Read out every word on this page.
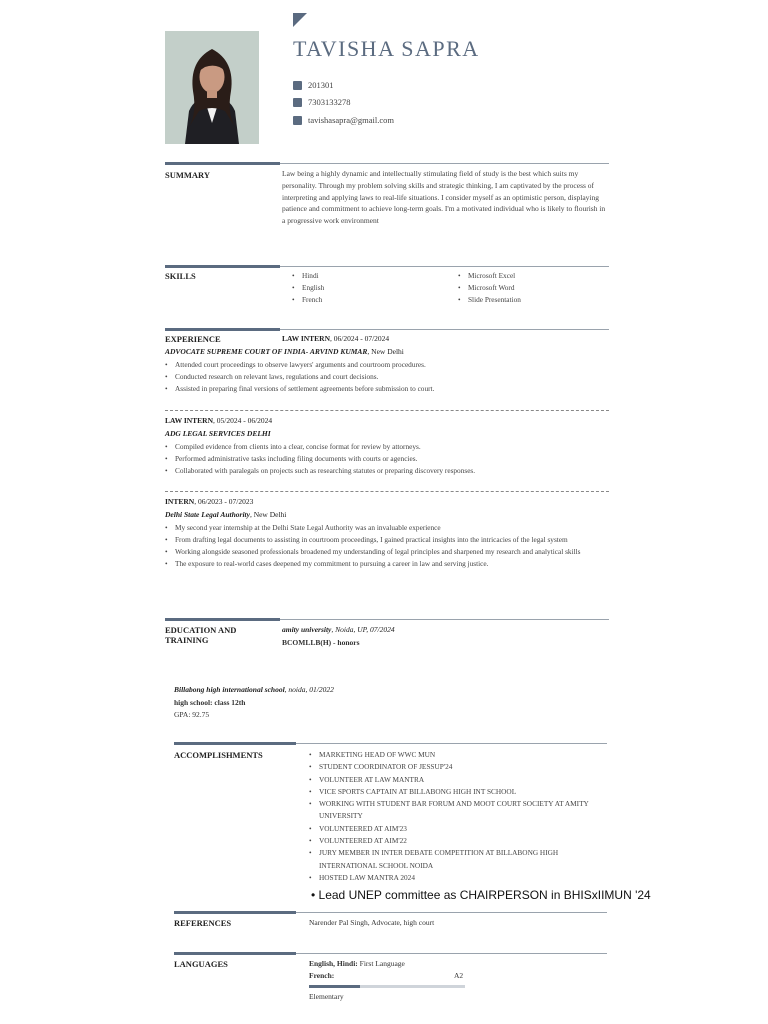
TAVISHA SAPRA
201301
7303133278
tavishasapra@gmail.com
SUMMARY	Law being a highly dynamic and intellectually stimulating field of study is the best which suits my personality. Through my problem solving skills and strategic thinking, I am captivated by the process of interpreting and applying laws to real-life situations. I consider myself as an optimistic person, displaying patience and commitment to achieve long-term goals. I'm a motivated individual who is likely to flourish in a progressive work environment
SKILLS	• Hindi
• English
• French
• Microsoft Excel
• Microsoft Word
• Slide Presentation
EXPERIENCE	LAW INTERN, 06/2024 - 07/2024
ADVOCATE SUPREME COURT OF INDIA- ARVIND KUMAR, New Delhi
• Attended court proceedings to observe lawyers' arguments and courtroom procedures.
• Conducted research on relevant laws, regulations and court decisions.
• Assisted in preparing final versions of settlement agreements before submission to court.
LAW INTERN, 05/2024 - 06/2024
ADG LEGAL SERVICES DELHI
• Compiled evidence from clients into a clear, concise format for review by attorneys.
• Performed administrative tasks including filing documents with courts or agencies.
• Collaborated with paralegals on projects such as researching statutes or preparing discovery responses.
INTERN, 06/2023 - 07/2023
Delhi State Legal Authority, New Delhi
• My second year internship at the Delhi State Legal Authority was an invaluable experience
• From drafting legal documents to assisting in courtroom proceedings, I gained practical insights into the intricacies of the legal system
• Working alongside seasoned professionals broadened my understanding of legal principles and sharpened my research and analytical skills
• The exposure to real-world cases deepened my commitment to pursuing a career in law and serving justice.
EDUCATION AND
TRAINING
amity university, Noida, UP, 07/2024
BCOMLLB(H) - honors
Billabong high international school, noida, 01/2022
high school: class 12th
GPA: 92.75
ACCOMPLISHMENTS	• MARKETING HEAD OF WWC MUN
• STUDENT COORDINATOR OF JESSUP'24
• VOLUNTEER AT LAW MANTRA
• VICE SPORTS CAPTAIN AT BILLABONG HIGH INT SCHOOL
• WORKING WITH STUDENT BAR FORUM AND MOOT COURT SOCIETY AT AMITY UNIVERSITY
• VOLUNTEERED AT AIM'23
• VOLUNTEERED AT AIM'22
• JURY MEMBER IN INTER DEBATE COMPETITION AT BILLABONG HIGH INTERNATIONAL SCHOOL NOIDA
• HOSTED LAW MANTRA 2024
• Lead UNEP committee as CHAIRPERSON in BHISxIIMUN '24
REFERENCES	Narender Pal Singh, Advocate, high court
LANGUAGES	English, Hindi: First Language
French:	A2
Elementary
